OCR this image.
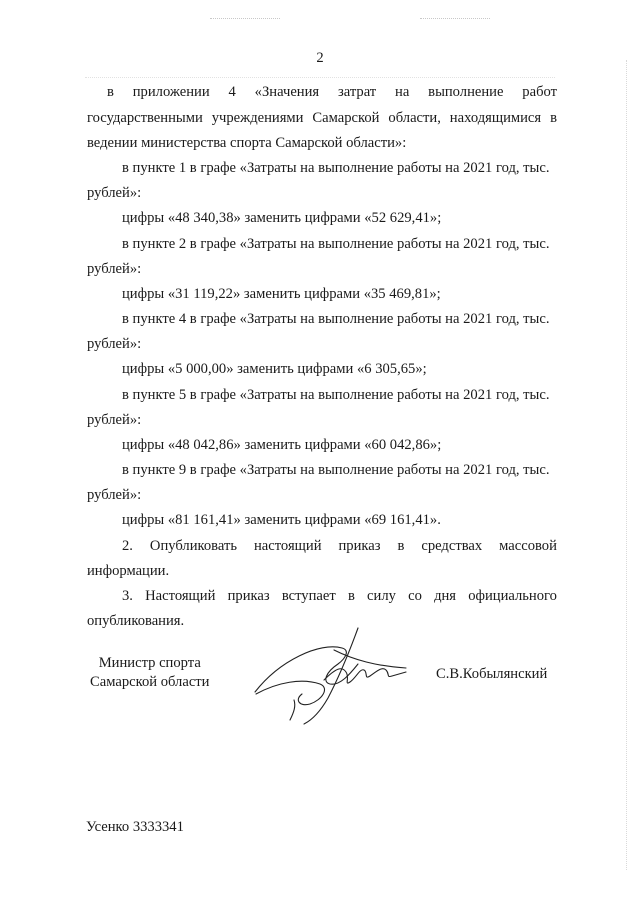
2
в приложении 4 «Значения затрат на выполнение работ
государственными учреждениями Самарской области, находящимися в
ведении министерства спорта Самарской области»:
в пункте 1 в графе «Затраты на выполнение работы на 2021 год, тыс.
рублей»:
цифры «48 340,38» заменить цифрами «52 629,41»;
в пункте 2 в графе «Затраты на выполнение работы на 2021 год, тыс.
рублей»:
цифры «31 119,22» заменить цифрами «35 469,81»;
в пункте 4 в графе «Затраты на выполнение работы на 2021 год, тыс.
рублей»:
цифры «5 000,00» заменить цифрами «6 305,65»;
в пункте 5 в графе «Затраты на выполнение работы на 2021 год, тыс.
рублей»:
цифры «48 042,86» заменить цифрами «60 042,86»;
в пункте 9 в графе «Затраты на выполнение работы на 2021 год, тыс.
рублей»:
цифры «81 161,41» заменить цифрами «69 161,41».
2. Опубликовать настоящий приказ в средствах массовой
информации.
3. Настоящий приказ вступает в силу со дня официального
опубликования.
Министр спорта
Самарской области	С.В.Кобылянский
Усенко 3333341
